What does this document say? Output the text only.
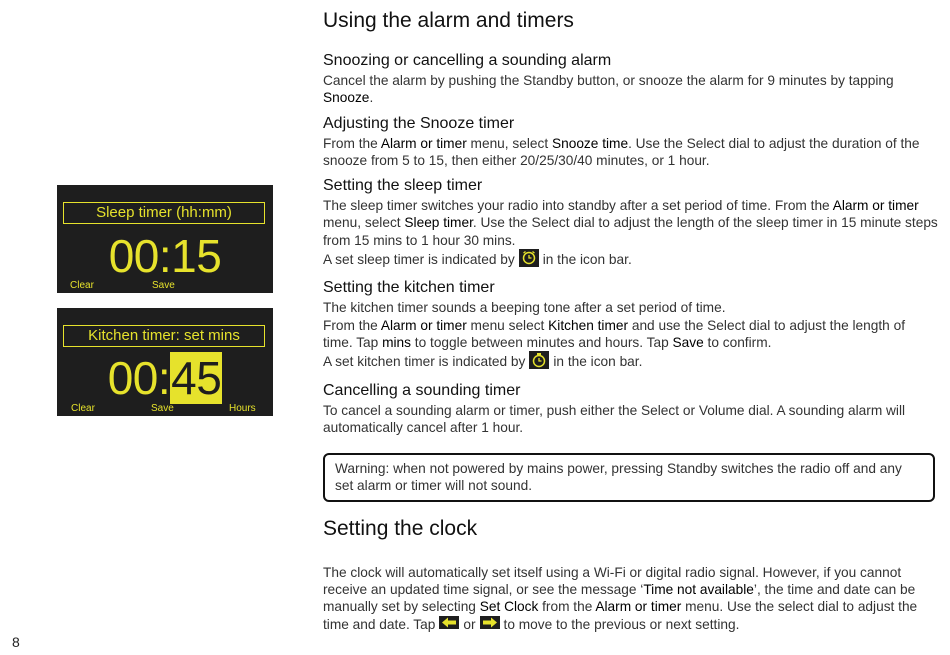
Sleep timer (hh:mm)
00:15
Clear	Save
Kitchen timer: set mins
00:45
Clear	Save	Hours
8
Using the alarm and timers
Snoozing or cancelling a sounding alarm

Cancel the alarm by pushing the Standby button, or snooze the alarm for 9 minutes by tapping
Snooze.

Adjusting the Snooze timer

From the Alarm or timer menu, select Snooze time. Use the Select dial to adjust the duration of the snooze from 5 to 15, then either 20/25/30/40 minutes, or 1 hour.

Setting the sleep timer

The sleep timer switches your radio into standby after a set period of time. From the Alarm or timer menu, select Sleep timer. Use the Select dial to adjust the length of the sleep timer in 15 minute steps from 15 mins to 1 hour 30 mins.
A set sleep timer is indicated by in the icon bar.

Setting the kitchen timer

The kitchen timer sounds a beeping tone after a set period of time.
From the Alarm or timer menu select Kitchen timer and use the Select dial to adjust the length of time. Tap mins to toggle between minutes and hours. Tap Save to confirm.
A set kitchen timer is indicated by in the icon bar.

Cancelling a sounding timer

To cancel a sounding alarm or timer, push either the Select or Volume dial. A sounding alarm will automatically cancel after 1 hour.

Warning: when not powered by mains power, pressing Standby switches the radio off and any set alarm or timer will not sound.
Setting the clock

The clock will automatically set itself using a Wi-Fi or digital radio signal. However, if you cannot receive an updated time signal, or see the message ‘Time not available’, the time and date can be manually set by selecting Set Clock from the Alarm or timer menu. Use the select dial to adjust the time and date. Tap or to move to the previous or next setting.
